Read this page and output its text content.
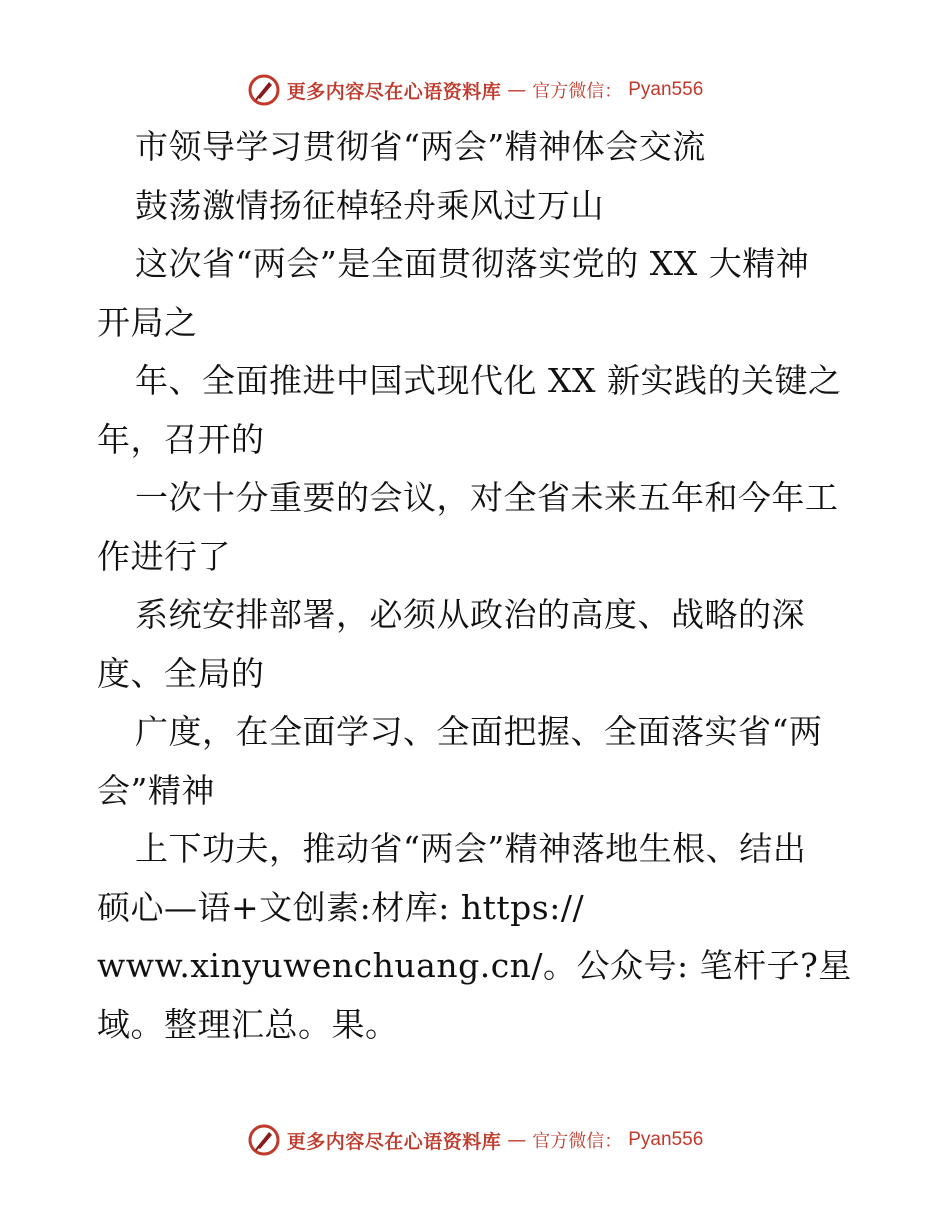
更多内容尽在心语资料库 — 官方微信： Pyan556
市领导学习贯彻省“两会”精神体会交流
鼓荡激情扬征棹轻舟乘风过万山
这次省“两会”是全面贯彻落实党的 XX 大精神
开局之
年、全面推进中国式现代化 XX 新实践的关键之
年，召开的
一次十分重要的会议，对全省未来五年和今年工
作进行了
系统安排部署，必须从政治的高度、战略的深
度、全局的
广度，在全面学习、全面把握、全面落实省“两
会”精神
上下功夫，推动省“两会”精神落地生根、结出
硕心—语+文创素:材库: https://
www.xinyuwenchuang.cn/。公众号: 笔杆子?星
域。整理汇总。果。
更多内容尽在心语资料库 — 官方微信： Pyan556
